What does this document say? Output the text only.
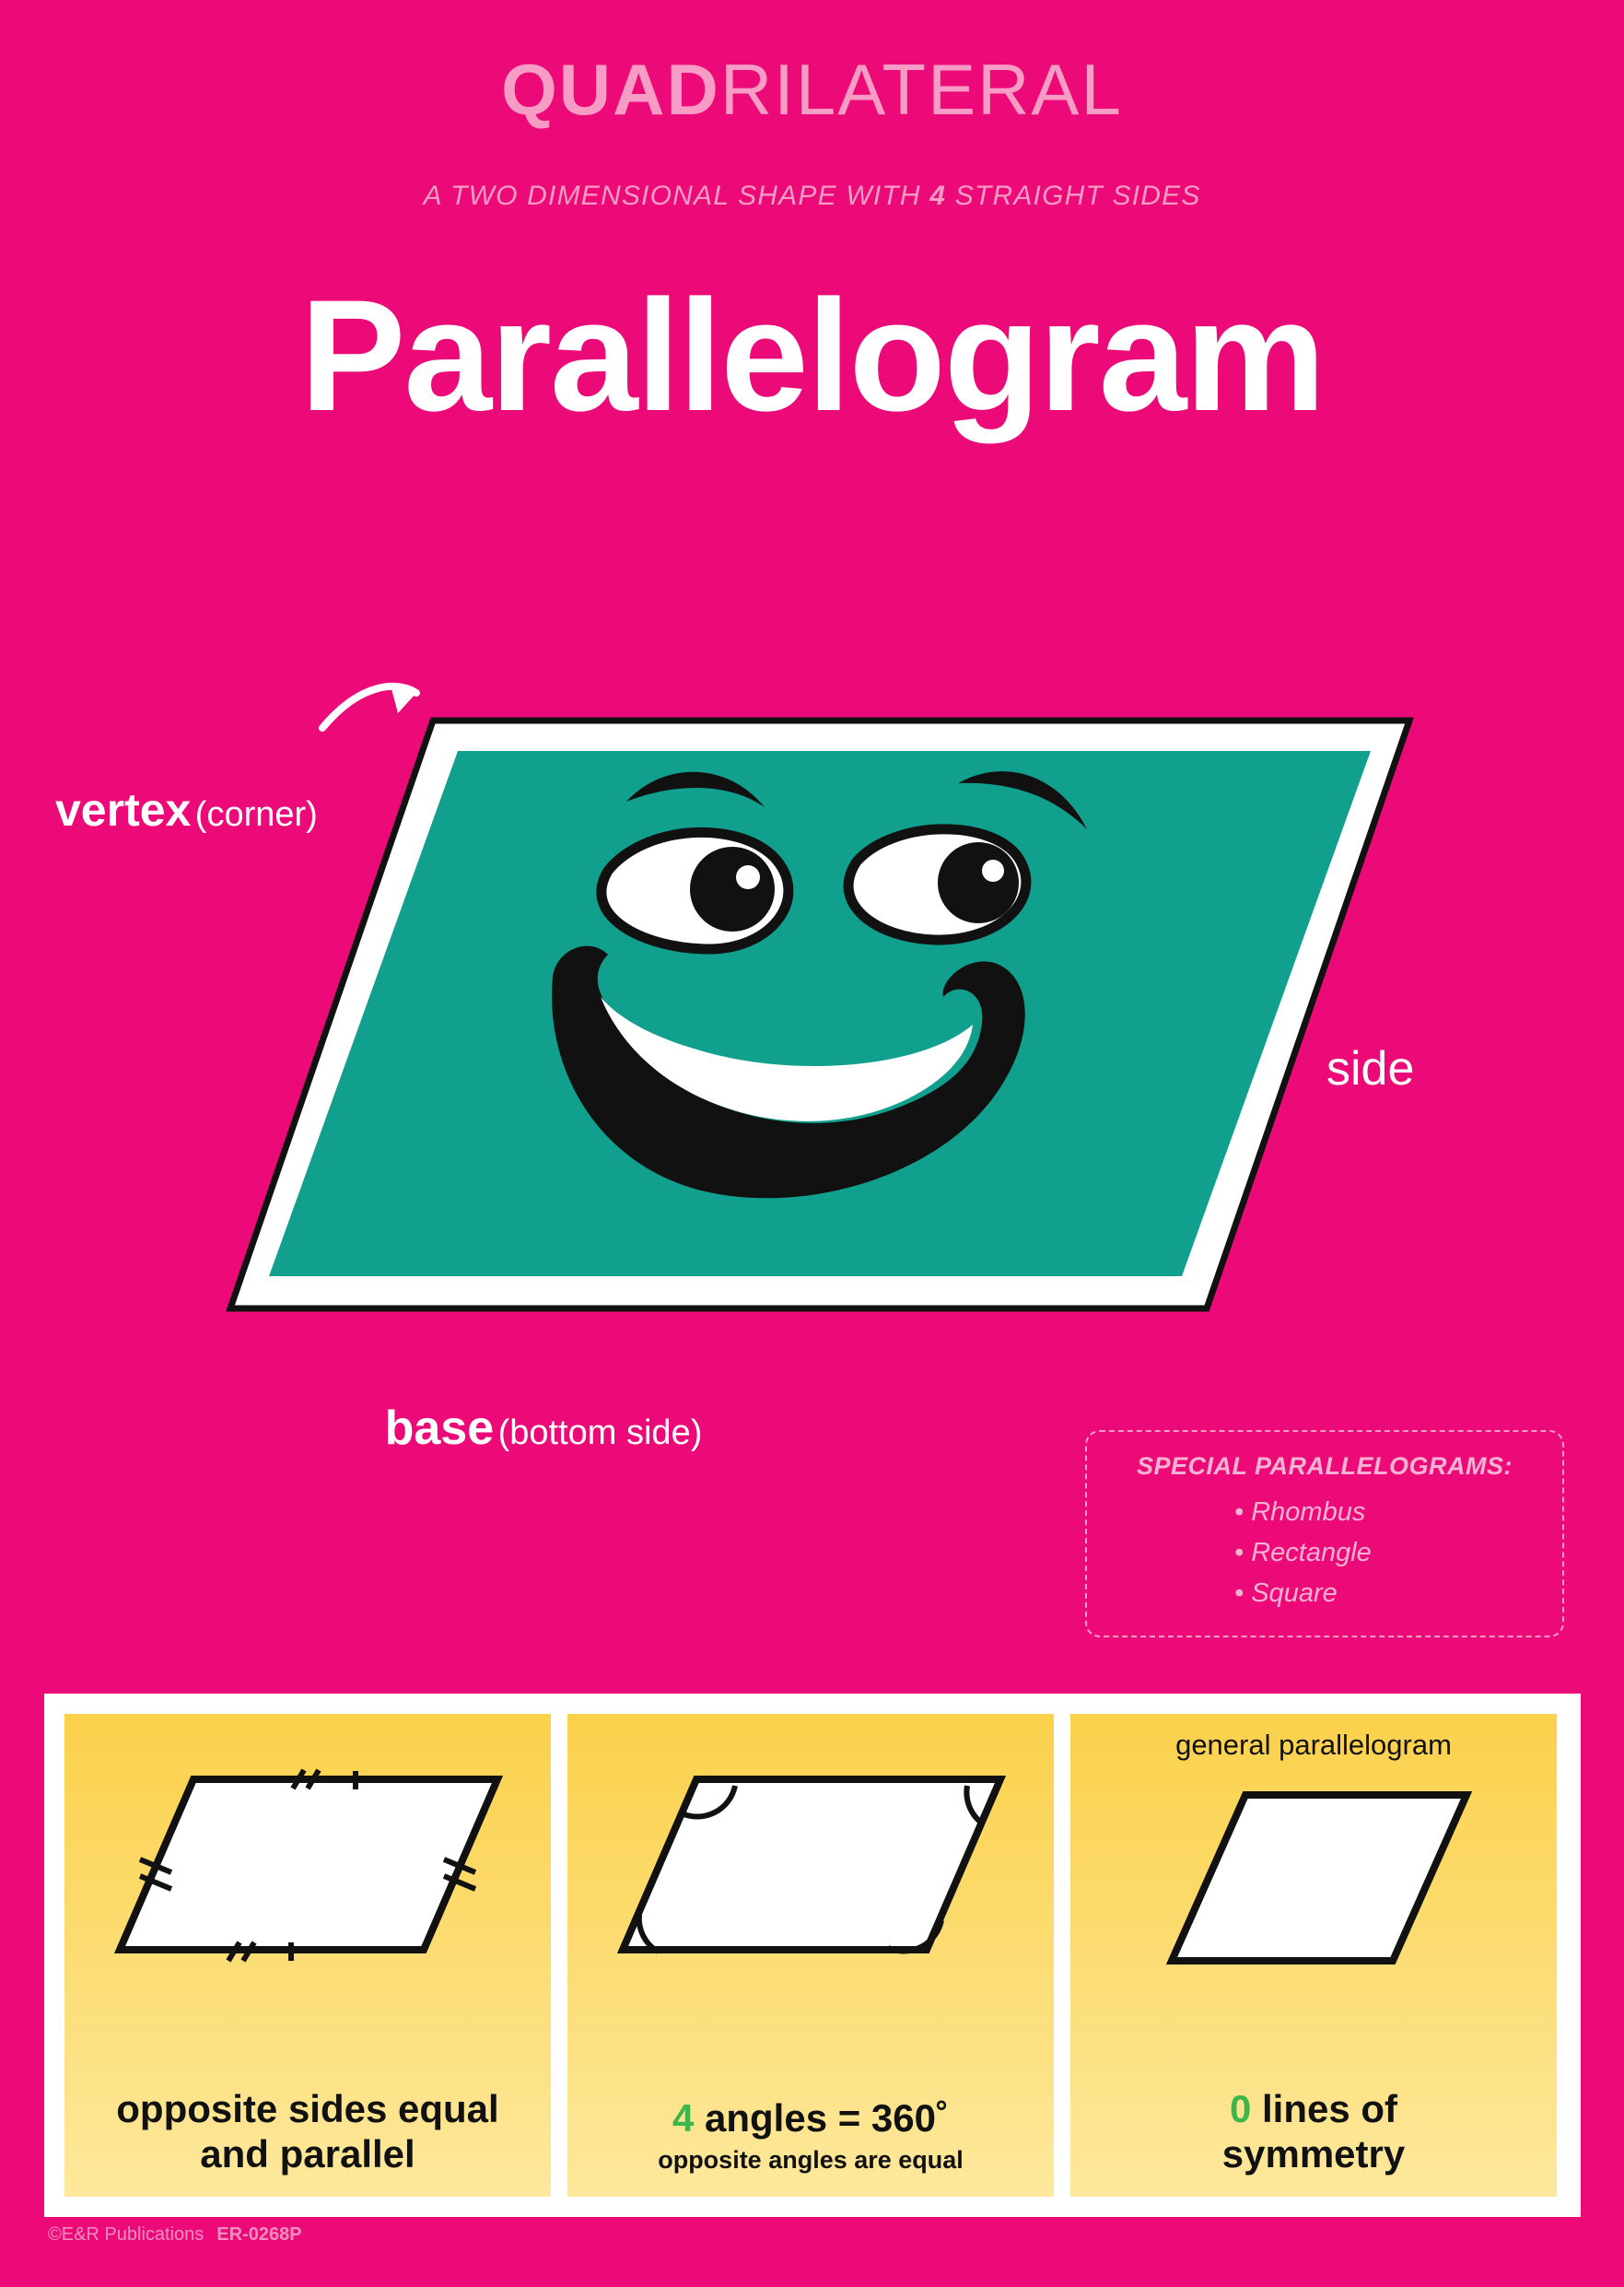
QUADRILATERAL
A TWO DIMENSIONAL SHAPE WITH 4 STRAIGHT SIDES
Parallelogram
vertex (corner)
side
base (bottom side)
SPECIAL PARALLELOGRAMS:
• Rhombus
• Rectangle
• Square
opposite sides equal
and parallel
4 angles = 360˚
opposite angles are equal
general parallelogram
0 lines of
symmetry
©E&R Publications ER-0268P
